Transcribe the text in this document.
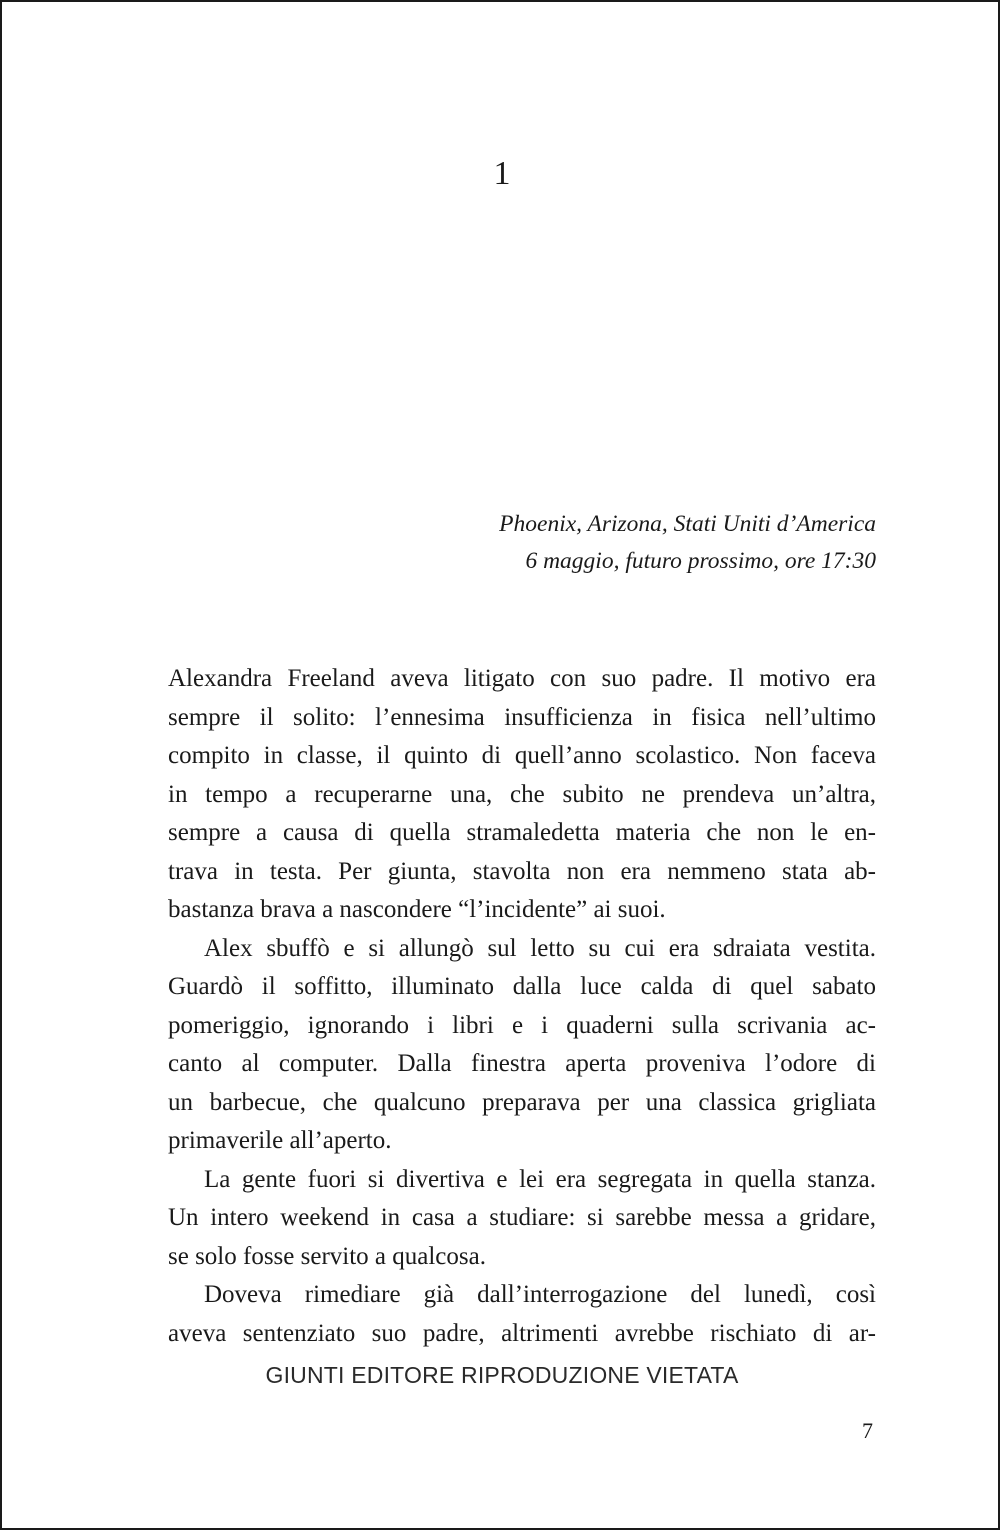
1
Phoenix, Arizona, Stati Uniti d’America
6 maggio, futuro prossimo, ore 17:30
Alexandra Freeland aveva litigato con suo padre. Il motivo era
sempre il solito: l’ennesima insufficienza in fisica nell’ultimo
compito in classe, il quinto di quell’anno scolastico. Non faceva
in tempo a recuperarne una, che subito ne prendeva un’altra,
sempre a causa di quella stramaledetta materia che non le en-
trava in testa. Per giunta, stavolta non era nemmeno stata ab-
bastanza brava a nascondere “l’incidente” ai suoi.
Alex sbuffò e si allungò sul letto su cui era sdraiata vestita.
Guardò il soffitto, illuminato dalla luce calda di quel sabato
pomeriggio, ignorando i libri e i quaderni sulla scrivania ac-
canto al computer. Dalla finestra aperta proveniva l’odore di
un barbecue, che qualcuno preparava per una classica grigliata
primaverile all’aperto.
La gente fuori si divertiva e lei era segregata in quella stanza.
Un intero weekend in casa a studiare: si sarebbe messa a gridare,
se solo fosse servito a qualcosa.
Doveva rimediare già dall’interrogazione del lunedì, così
aveva sentenziato suo padre, altrimenti avrebbe rischiato di ar-
GIUNTI EDITORE RIPRODUZIONE VIETATA
7
